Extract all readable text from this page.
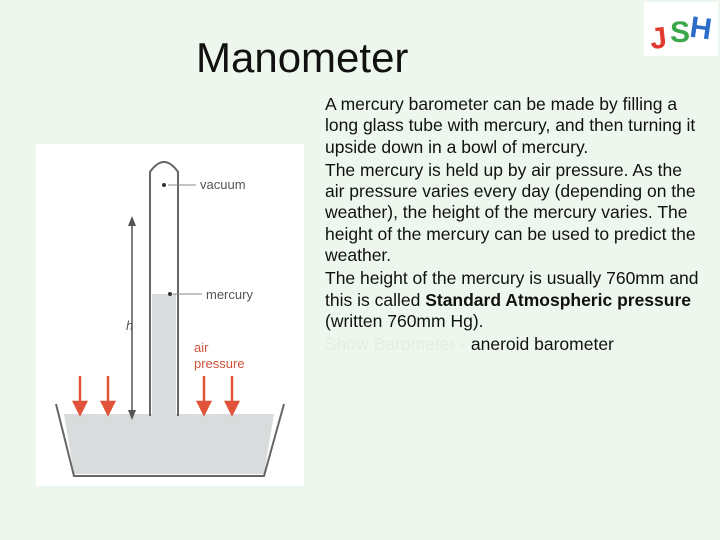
Manometer	J S
H
vacuum
mercury
h
air
pressure

A mercury barometer can be made by filling a long glass tube with mercury, and then turning it upside down in a bowl of mercury.

The mercury is held up by air pressure. As the air pressure varies every day (depending on the weather), the height of the mercury varies. The height of the mercury can be used to predict the weather.

The height of the mercury is usually 760mm and this is called Standard Atmospheric pressure (written 760mm Hg).

Show Barometer - aneroid barometer
